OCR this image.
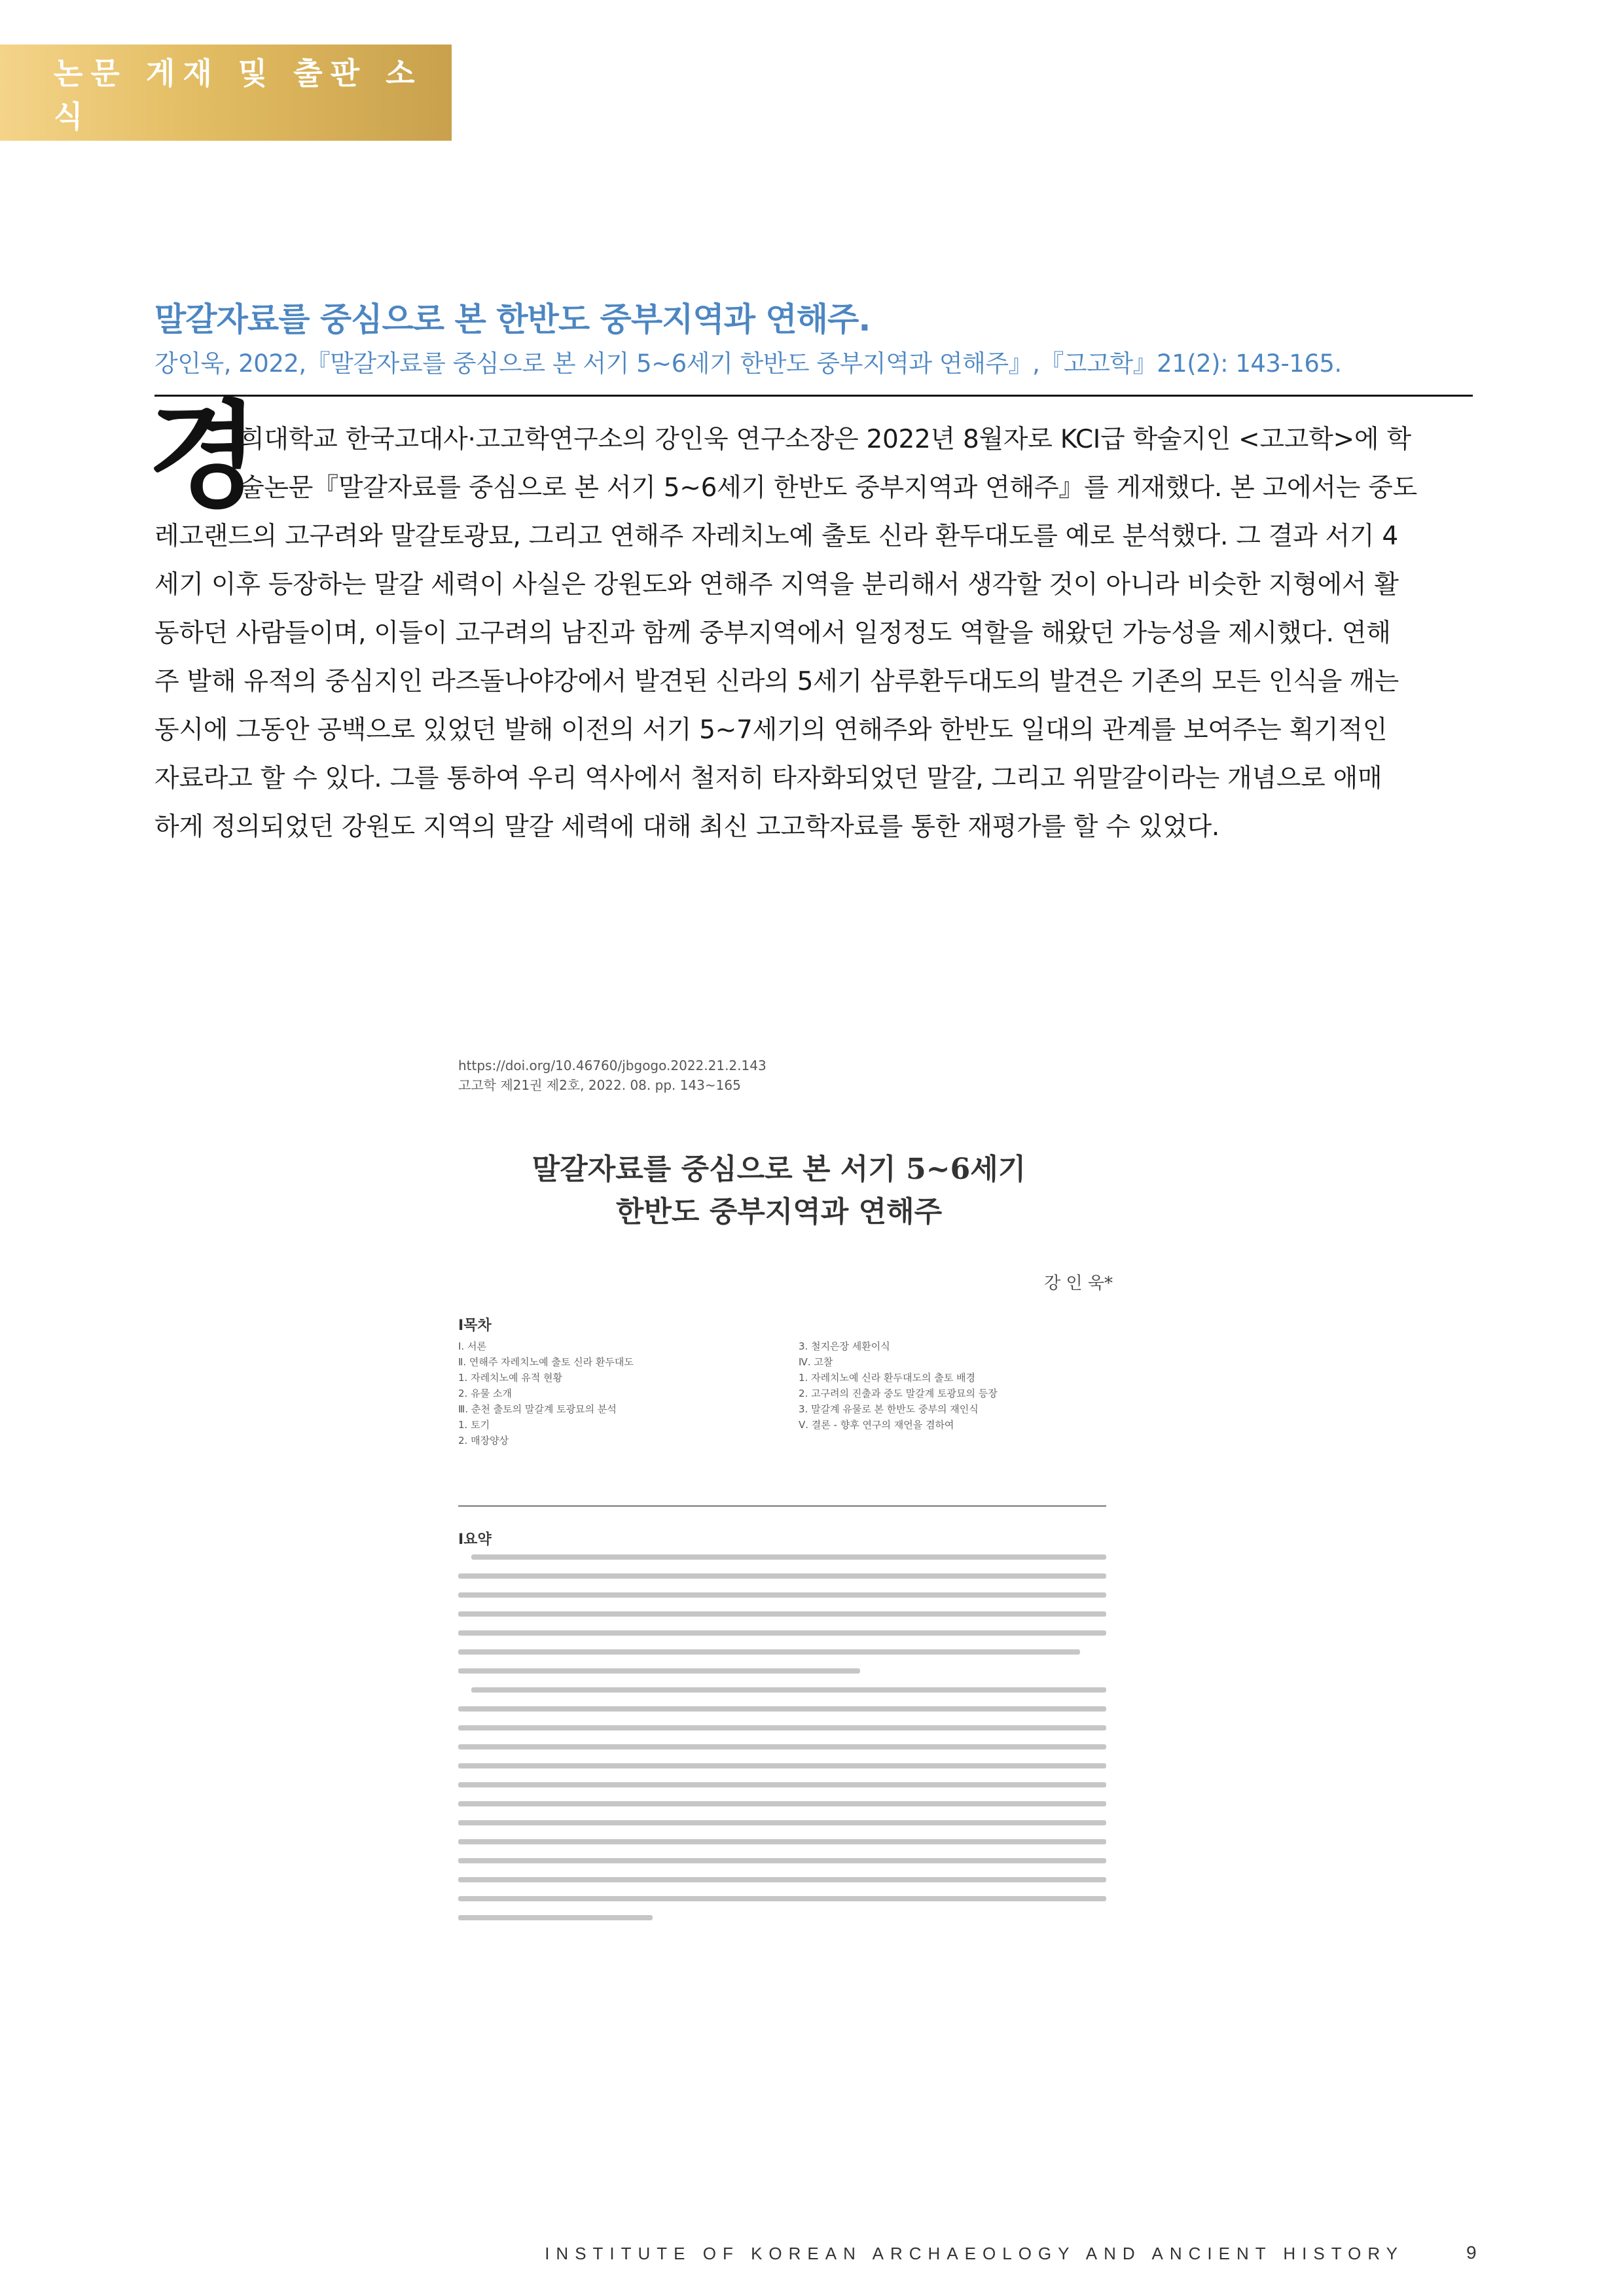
논문 게재 및 출판 소식
말갈자료를 중심으로 본 한반도 중부지역과 연해주.

강인욱, 2022,『말갈자료를 중심으로 본 서기 5~6세기 한반도 중부지역과 연해주』,『고고학』21(2): 143-165.

경
희대학교 한국고대사·고고학연구소의 강인욱 연구소장은 2022년 8월자로 KCI급 학술지인 <고고학>에 학
술논문『말갈자료를 중심으로 본 서기 5~6세기 한반도 중부지역과 연해주』를 게재했다. 본 고에서는 중도
레고랜드의 고구려와 말갈토광묘, 그리고 연해주 자레치노예 출토 신라 환두대도를 예로 분석했다. 그 결과 서기 4
세기 이후 등장하는 말갈 세력이 사실은 강원도와 연해주 지역을 분리해서 생각할 것이 아니라 비슷한 지형에서 활
동하던 사람들이며, 이들이 고구려의 남진과 함께 중부지역에서 일정정도 역할을 해왔던 가능성을 제시했다. 연해
주 발해 유적의 중심지인 라즈돌나야강에서 발견된 신라의 5세기 삼루환두대도의 발견은 기존의 모든 인식을 깨는
동시에 그동안 공백으로 있었던 발해 이전의 서기 5~7세기의 연해주와 한반도 일대의 관계를 보여주는 획기적인
자료라고 할 수 있다. 그를 통하여 우리 역사에서 철저히 타자화되었던 말갈, 그리고 위말갈이라는 개념으로 애매
하게 정의되었던 강원도 지역의 말갈 세력에 대해 최신 고고학자료를 통한 재평가를 할 수 있었다.
https://doi.org/10.46760/jbgogo.2022.21.2.143
고고학 제21권 제2호, 2022. 08. pp. 143~165
말갈자료를 중심으로 본 서기 5~6세기
한반도 중부지역과 연해주
강 인 욱*
Ⅰ목차
Ⅰ. 서론
Ⅱ. 연해주 자레치노예 출토 신라 환두대도
1. 자레치노예 유적 현황
2. 유물 소개
Ⅲ. 춘천 출토의 말갈계 토광묘의 분석
1. 토기
2. 매장양상
3. 철지은장 세환이식
Ⅳ. 고찰
1. 자레치노예 신라 환두대도의 출토 배경
2. 고구려의 진출과 중도 말갈계 토광묘의 등장
3. 말갈계 유물로 본 한반도 중부의 재인식
Ⅴ. 결론 - 향후 연구의 재언을 겸하여
Ⅰ요약
INSTITUTE OF KOREAN ARCHAEOLOGY AND ANCIENT HISTORY	9
